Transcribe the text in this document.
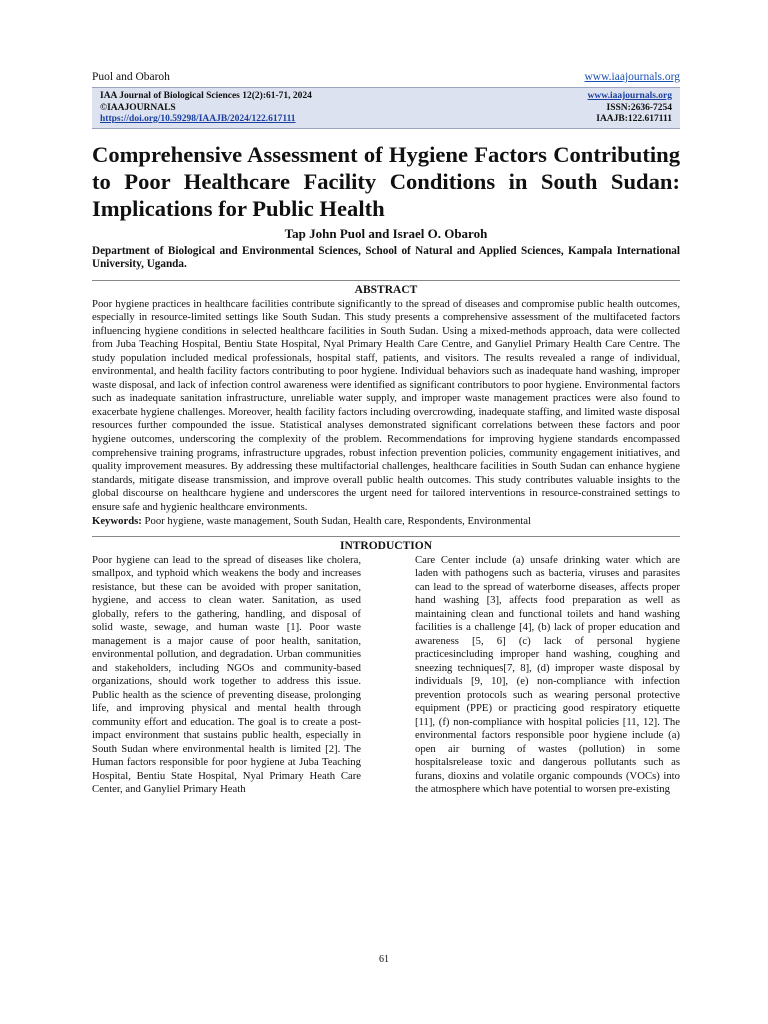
Puol and Obaroh	www.iaajournals.org
IAA Journal of Biological Sciences 12(2):61-71, 2024	www.iaajournals.org
©IAAJOURNALS	ISSN:2636-7254
https://doi.org/10.59298/IAAJB/2024/122.617111	IAAJB:122.617111
Comprehensive Assessment of Hygiene Factors Contributing to Poor Healthcare Facility Conditions in South Sudan: Implications for Public Health
Tap John Puol and Israel O. Obaroh
Department of Biological and Environmental Sciences, School of Natural and Applied Sciences, Kampala International University, Uganda.
ABSTRACT
Poor hygiene practices in healthcare facilities contribute significantly to the spread of diseases and compromise public health outcomes, especially in resource-limited settings like South Sudan. This study presents a comprehensive assessment of the multifaceted factors influencing hygiene conditions in selected healthcare facilities in South Sudan. Using a mixed-methods approach, data were collected from Juba Teaching Hospital, Bentiu State Hospital, Nyal Primary Health Care Centre, and Ganyliel Primary Health Care Centre. The study population included medical professionals, hospital staff, patients, and visitors. The results revealed a range of individual, environmental, and health facility factors contributing to poor hygiene. Individual behaviors such as inadequate hand washing, improper waste disposal, and lack of infection control awareness were identified as significant contributors to poor hygiene. Environmental factors such as inadequate sanitation infrastructure, unreliable water supply, and improper waste management practices were also found to exacerbate hygiene challenges. Moreover, health facility factors including overcrowding, inadequate staffing, and limited waste disposal resources further compounded the issue. Statistical analyses demonstrated significant correlations between these factors and poor hygiene outcomes, underscoring the complexity of the problem. Recommendations for improving hygiene standards encompassed comprehensive training programs, infrastructure upgrades, robust infection prevention policies, community engagement initiatives, and quality improvement measures. By addressing these multifactorial challenges, healthcare facilities in South Sudan can enhance hygiene standards, mitigate disease transmission, and improve overall public health outcomes. This study contributes valuable insights to the global discourse on healthcare hygiene and underscores the urgent need for tailored interventions in resource-constrained settings to ensure safe and hygienic healthcare environments.
Keywords: Poor hygiene, waste management, South Sudan, Health care, Respondents, Environmental
INTRODUCTION
Poor hygiene can lead to the spread of diseases like cholera, smallpox, and typhoid which weakens the body and increases resistance, but these can be avoided with proper sanitation, hygiene, and access to clean water. Sanitation, as used globally, refers to the gathering, handling, and disposal of solid waste, sewage, and human waste [1]. Poor waste management is a major cause of poor health, sanitation, environmental pollution, and degradation. Urban communities and stakeholders, including NGOs and community-based organizations, should work together to address this issue. Public health as the science of preventing disease, prolonging life, and improving physical and mental health through community effort and education. The goal is to create a post-impact environment that sustains public health, especially in South Sudan where environmental health is limited [2]. The Human factors responsible for poor hygiene at Juba Teaching Hospital, Bentiu State Hospital, Nyal Primary Heath Care Center, and Ganyliel Primary Heath
Care Center include (a) unsafe drinking water which are laden with pathogens such as bacteria, viruses and parasites can lead to the spread of waterborne diseases, affects proper hand washing [3], affects food preparation as well as maintaining clean and functional toilets and hand washing facilities is a challenge [4], (b) lack of proper education and awareness [5, 6] (c) lack of personal hygiene practicesincluding improper hand washing, coughing and sneezing techniques[7, 8], (d) improper waste disposal by individuals [9, 10], (e) non-compliance with infection prevention protocols such as wearing personal protective equipment (PPE) or practicing good respiratory etiquette [11], (f) non-compliance with hospital policies [11, 12]. The environmental factors responsible poor hygiene include (a) open air burning of wastes (pollution) in some hospitalsrelease toxic and dangerous pollutants such as furans, dioxins and volatile organic compounds (VOCs) into the atmosphere which have potential to worsen pre-existing
61
